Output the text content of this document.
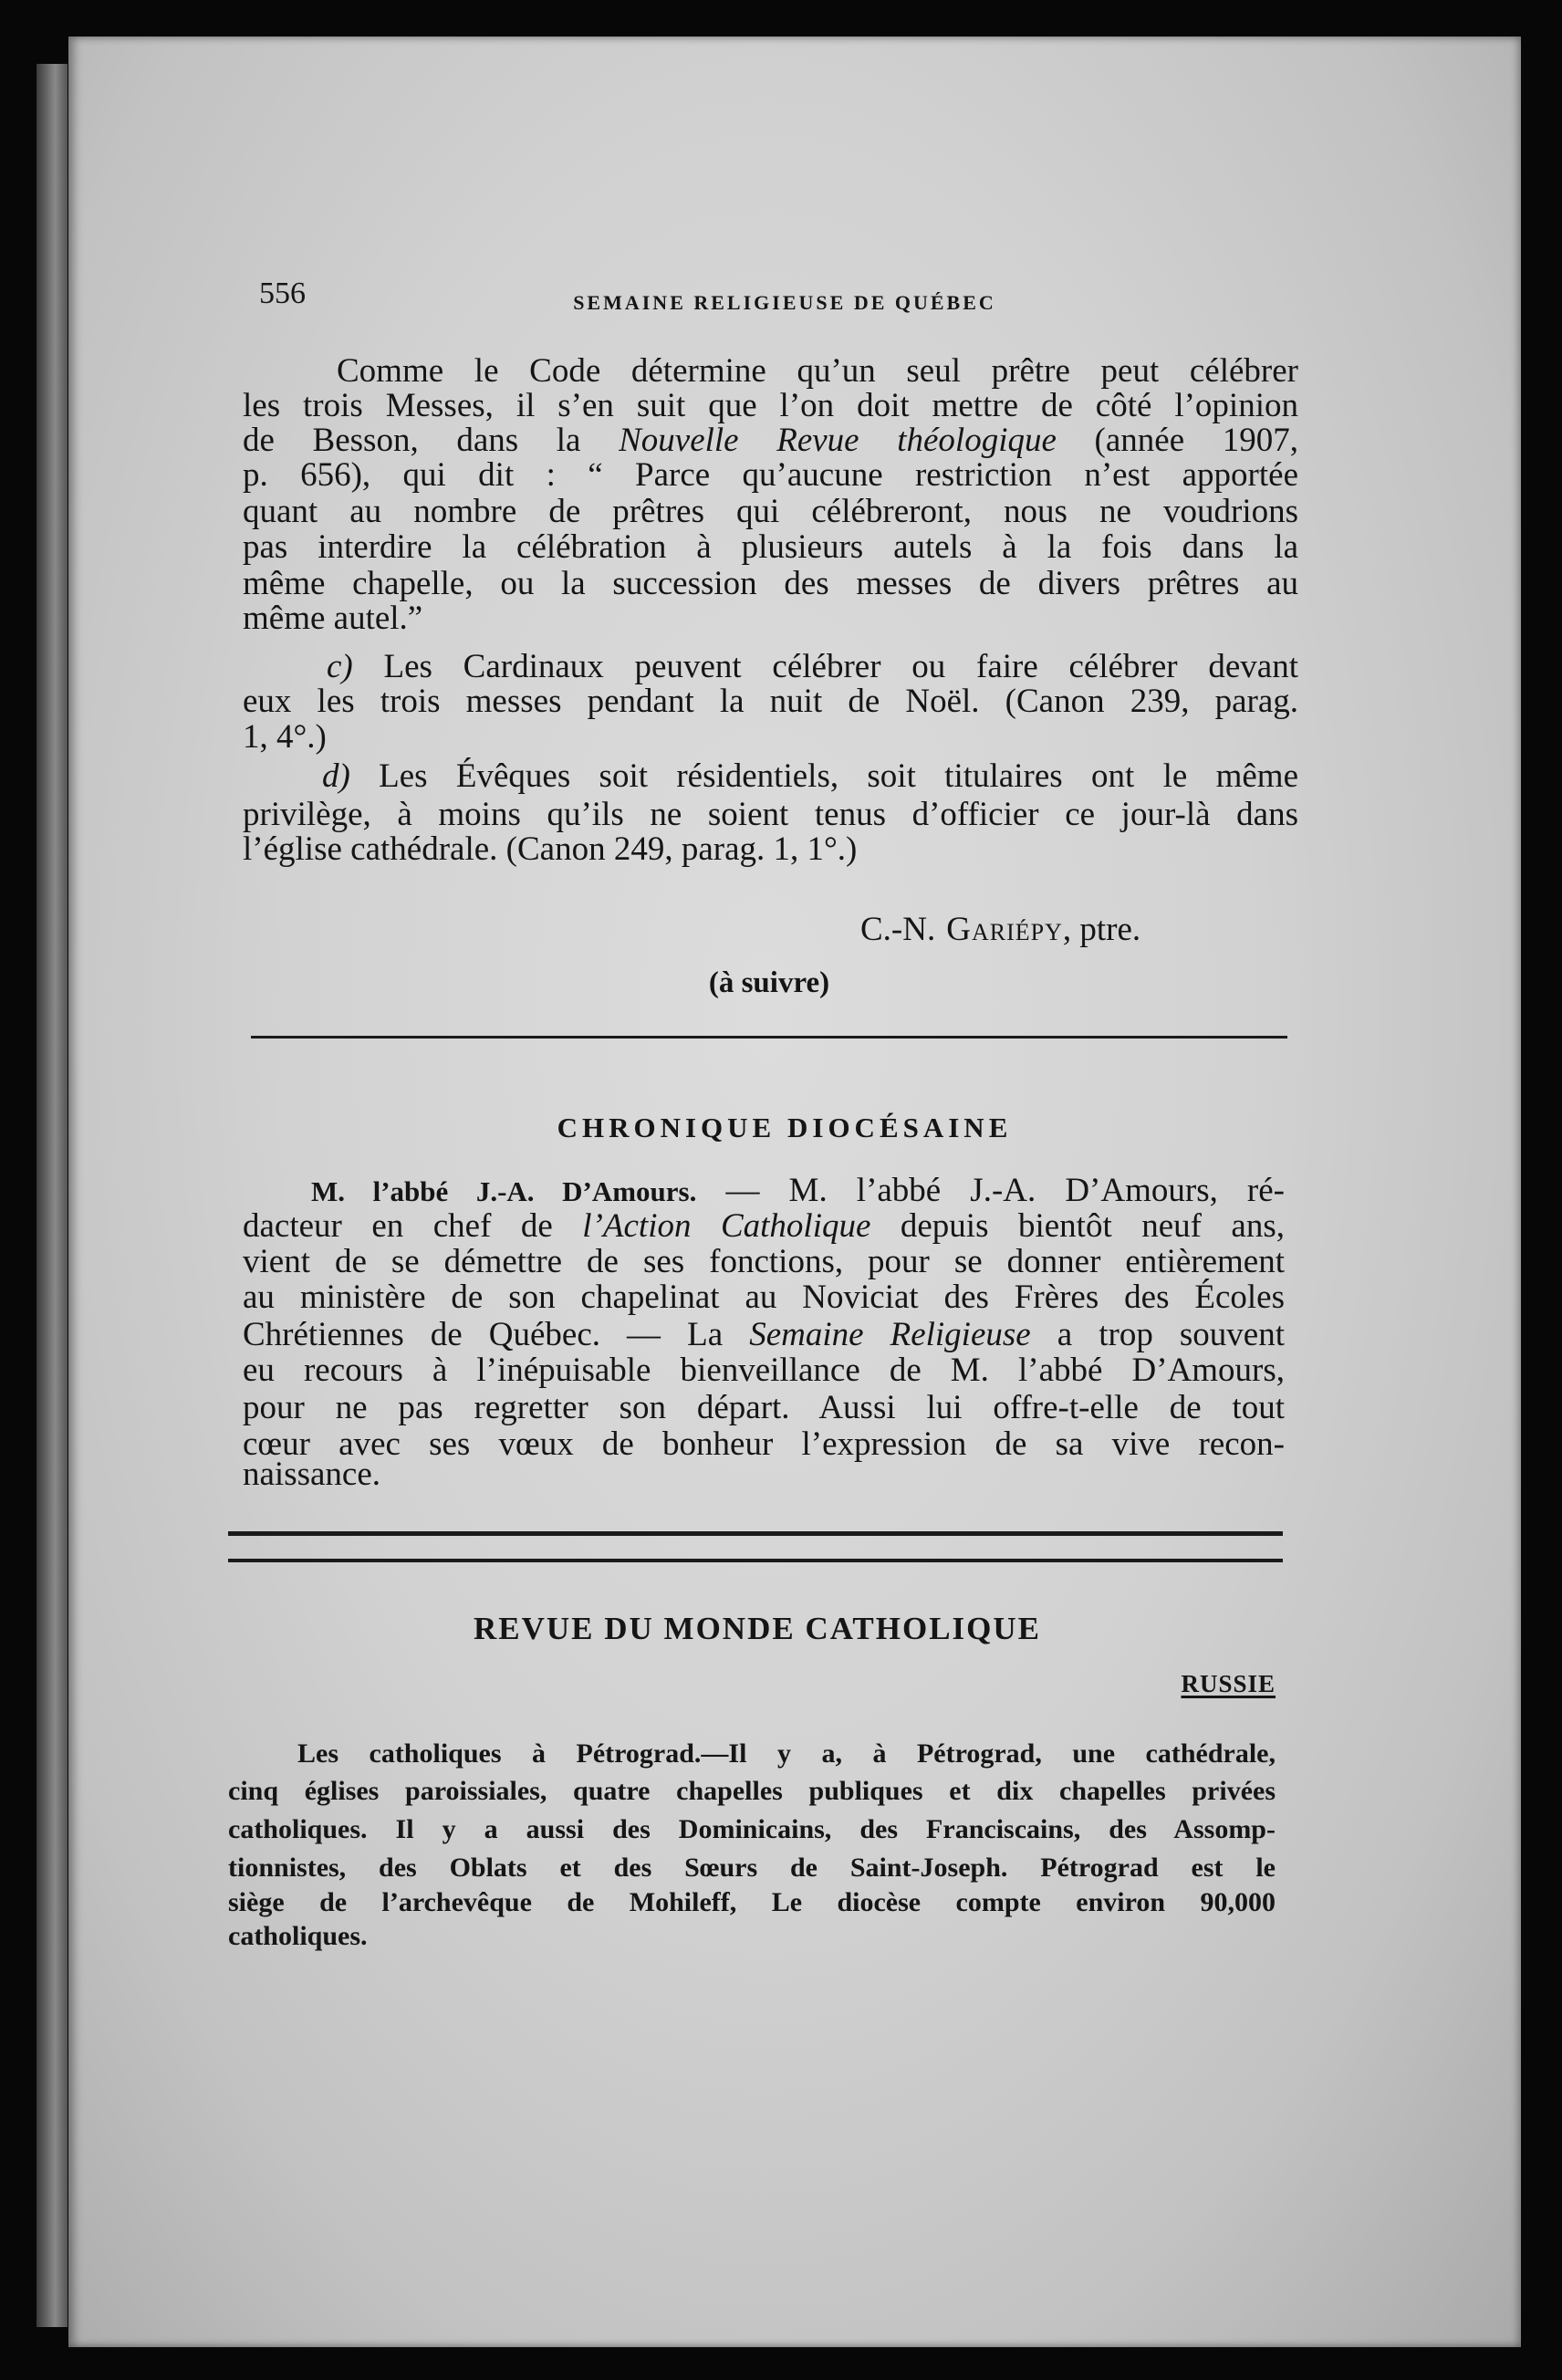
556	SEMAINE RELIGIEUSE DE QUÉBEC
Comme le Code détermine qu’un seul prêtre peut célébrer
les trois Messes, il s’en suit que l’on doit mettre de côté l’opinion
de Besson, dans la Nouvelle Revue théologique (année 1907,
p. 656), qui dit : “ Parce qu’aucune restriction n’est apportée
quant au nombre de prêtres qui célébreront, nous ne voudrions
pas interdire la célébration à plusieurs autels à la fois dans la
même chapelle, ou la succession des messes de divers prêtres au
même autel.”
c) Les Cardinaux peuvent célébrer ou faire célébrer devant
eux les trois messes pendant la nuit de Noël. (Canon 239, parag.
1, 4°.)
d) Les Évêques soit résidentiels, soit titulaires ont le même
privilège, à moins qu’ils ne soient tenus d’officier ce jour-là dans
l’église cathédrale. (Canon 249, parag. 1, 1°.)
C.-N. Gariépy, ptre.
(à suivre)
CHRONIQUE DIOCÉSAINE
M. l’abbé J.-A. D’Amours. — M. l’abbé J.-A. D’Amours, ré-
dacteur en chef de l’Action Catholique depuis bientôt neuf ans,
vient de se démettre de ses fonctions, pour se donner entièrement
au ministère de son chapelinat au Noviciat des Frères des Écoles
Chrétiennes de Québec. — La Semaine Religieuse a trop souvent
eu recours à l’inépuisable bienveillance de M. l’abbé D’Amours,
pour ne pas regretter son départ. Aussi lui offre-t-elle de tout
cœur avec ses vœux de bonheur l’expression de sa vive recon-
naissance.
REVUE DU MONDE CATHOLIQUE
RUSSIE
Les catholiques à Pétrograd.—Il y a, à Pétrograd, une cathédrale,
cinq églises paroissiales, quatre chapelles publiques et dix chapelles privées
catholiques. Il y a aussi des Dominicains, des Franciscains, des Assomp-
tionnistes, des Oblats et des Sœurs de Saint-Joseph. Pétrograd est le
siège de l’archevêque de Mohileff, Le diocèse compte environ 90,000
catholiques.
